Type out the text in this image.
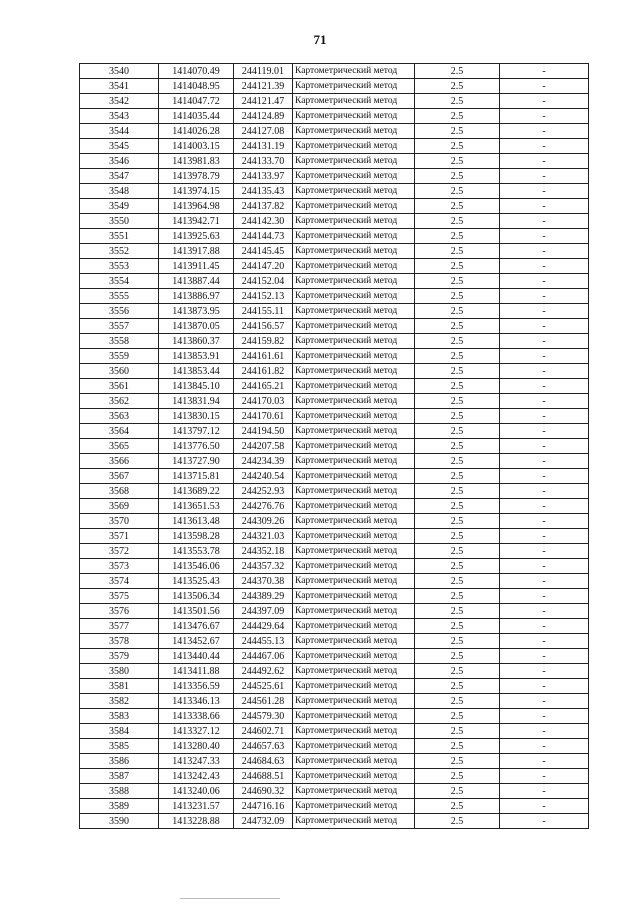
71
3540	1414070.49	244119.01	Картометрический метод	2.5	-
3541	1414048.95	244121.39	Картометрический метод	2.5	-
3542	1414047.72	244121.47	Картометрический метод	2.5	-
3543	1414035.44	244124.89	Картометрический метод	2.5	-
3544	1414026.28	244127.08	Картометрический метод	2.5	-
3545	1414003.15	244131.19	Картометрический метод	2.5	-
3546	1413981.83	244133.70	Картометрический метод	2.5	-
3547	1413978.79	244133.97	Картометрический метод	2.5	-
3548	1413974.15	244135.43	Картометрический метод	2.5	-
3549	1413964.98	244137.82	Картометрический метод	2.5	-
3550	1413942.71	244142.30	Картометрический метод	2.5	-
3551	1413925.63	244144.73	Картометрический метод	2.5	-
3552	1413917.88	244145.45	Картометрический метод	2.5	-
3553	1413911.45	244147.20	Картометрический метод	2.5	-
3554	1413887.44	244152.04	Картометрический метод	2.5	-
3555	1413886.97	244152.13	Картометрический метод	2.5	-
3556	1413873.95	244155.11	Картометрический метод	2.5	-
3557	1413870.05	244156.57	Картометрический метод	2.5	-
3558	1413860.37	244159.82	Картометрический метод	2.5	-
3559	1413853.91	244161.61	Картометрический метод	2.5	-
3560	1413853.44	244161.82	Картометрический метод	2.5	-
3561	1413845.10	244165.21	Картометрический метод	2.5	-
3562	1413831.94	244170.03	Картометрический метод	2.5	-
3563	1413830.15	244170.61	Картометрический метод	2.5	-
3564	1413797.12	244194.50	Картометрический метод	2.5	-
3565	1413776.50	244207.58	Картометрический метод	2.5	-
3566	1413727.90	244234.39	Картометрический метод	2.5	-
3567	1413715.81	244240.54	Картометрический метод	2.5	-
3568	1413689.22	244252.93	Картометрический метод	2.5	-
3569	1413651.53	244276.76	Картометрический метод	2.5	-
3570	1413613.48	244309.26	Картометрический метод	2.5	-
3571	1413598.28	244321.03	Картометрический метод	2.5	-
3572	1413553.78	244352.18	Картометрический метод	2.5	-
3573	1413546.06	244357.32	Картометрический метод	2.5	-
3574	1413525.43	244370.38	Картометрический метод	2.5	-
3575	1413506.34	244389.29	Картометрический метод	2.5	-
3576	1413501.56	244397.09	Картометрический метод	2.5	-
3577	1413476.67	244429.64	Картометрический метод	2.5	-
3578	1413452.67	244455.13	Картометрический метод	2.5	-
3579	1413440.44	244467.06	Картометрический метод	2.5	-
3580	1413411.88	244492.62	Картометрический метод	2.5	-
3581	1413356.59	244525.61	Картометрический метод	2.5	-
3582	1413346.13	244561.28	Картометрический метод	2.5	-
3583	1413338.66	244579.30	Картометрический метод	2.5	-
3584	1413327.12	244602.71	Картометрический метод	2.5	-
3585	1413280.40	244657.63	Картометрический метод	2.5	-
3586	1413247.33	244684.63	Картометрический метод	2.5	-
3587	1413242.43	244688.51	Картометрический метод	2.5	-
3588	1413240.06	244690.32	Картометрический метод	2.5	-
3589	1413231.57	244716.16	Картометрический метод	2.5	-
3590	1413228.88	244732.09	Картометрический метод	2.5	-
